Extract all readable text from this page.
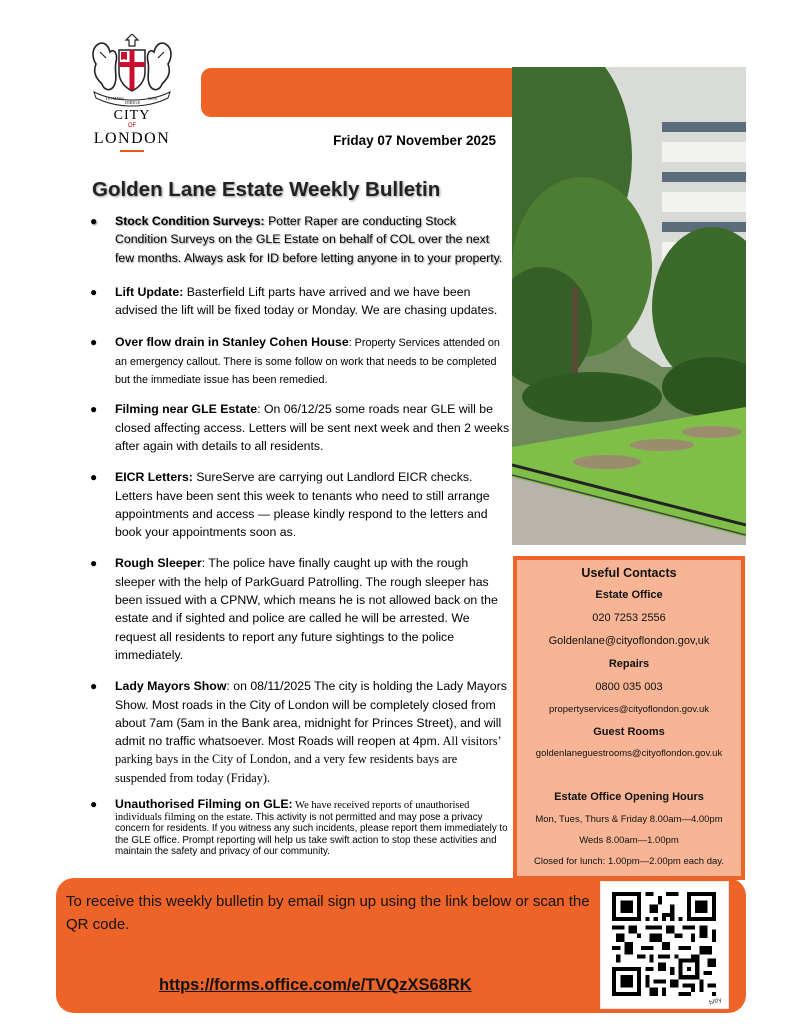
DOMINE
DIRIGE
NOS
CITY
OF
LONDON	Friday 07 November 2025
Golden Lane Estate Weekly Bulletin
● Stock Condition Surveys: Potter Raper are conducting Stock Condition Surveys on the GLE Estate on behalf of COL over the next few months. Always ask for ID before letting anyone in to your property.
● Lift Update: Basterfield Lift parts have arrived and we have been advised the lift will be fixed today or Monday. We are chasing updates.
● Over flow drain in Stanley Cohen House: Property Services attended on an emergency callout. There is some follow on work that needs to be completed but the immediate issue has been remedied.
● Filming near GLE Estate: On 06/12/25 some roads near GLE will be closed affecting access. Letters will be sent next week and then 2 weeks after again with details to all residents.
● EICR Letters: SureServe are carrying out Landlord EICR checks. Letters have been sent this week to tenants who need to still arrange appointments and access — please kindly respond to the letters and book your appointments soon as.
● Rough Sleeper: The police have finally caught up with the rough sleeper with the help of ParkGuard Patrolling. The rough sleeper has been issued with a CPNW, which means he is not allowed back on the estate and if sighted and police are called he will be arrested. We request all residents to report any future sightings to the police immediately.
● Lady Mayors Show: on 08/11/2025 The city is holding the Lady Mayors Show. Most roads in the City of London will be completely closed from about 7am (5am in the Bank area, midnight for Princes Street), and will admit no traffic whatsoever. Most Roads will reopen at 4pm. All visitors’ parking bays in the City of London, and a very few residents bays are suspended from today (Friday).
● Unauthorised Filming on GLE: We have received reports of unauthorised individuals filming on the estate. This activity is not permitted and may pose a privacy concern for residents. If you witness any such incidents, please report them immediately to the GLE office. Prompt reporting will help us take swift action to stop these activities and maintain the safety and privacy of our community.
Useful Contacts
Estate Office
020 7253 2556
Goldenlane@cityoflondon.gov,uk
Repairs
0800 035 003
propertyservices@cityoflondon.gov.uk
Guest Rooms
goldenlaneguestrooms@cityoflondon.gov.uk
Estate Office Opening Hours
Mon, Tues, Thurs & Friday 8.00am—4.00pm
Weds 8.00am—1.00pm
Closed for lunch: 1.00pm—2.00pm each day.
To receive this weekly bulletin by email sign up using the link below or scan the QR code.
https://forms.office.com/e/TVQzXS68RK
bitly
